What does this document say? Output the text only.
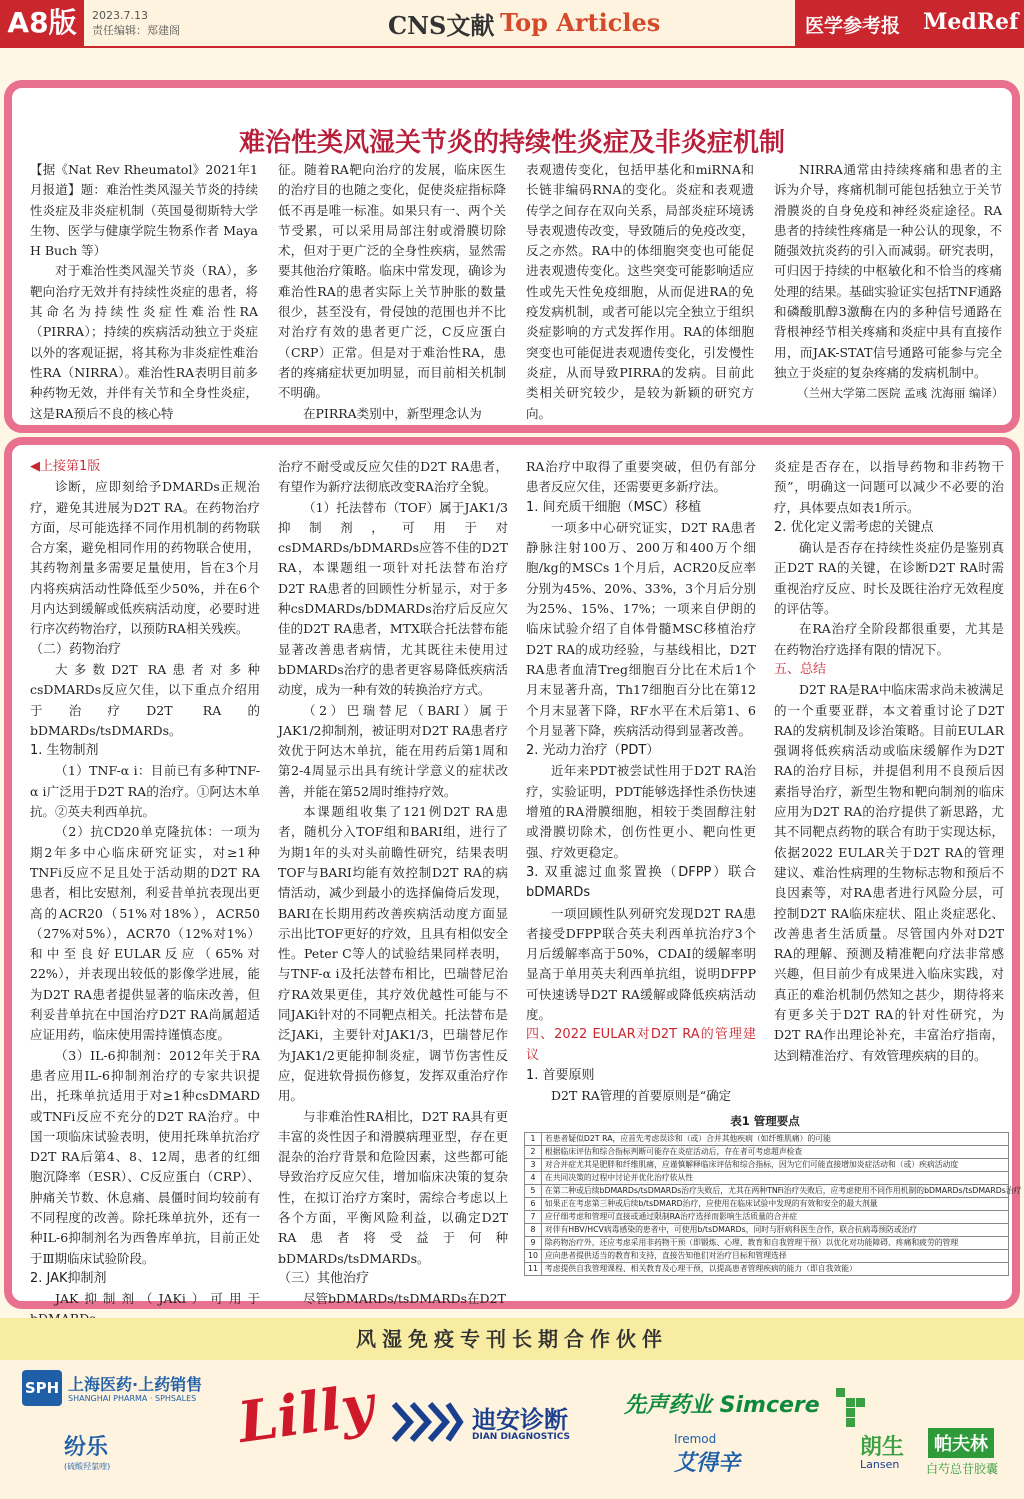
A8版	2023.7.13
责任编辑：郑建阁	CNS文献 Top Articles	医学参考报 MedRef
难治性类风湿关节炎的持续性炎症及非炎症机制

【据《Nat Rev Rheumatol》2021年1月报道】题：难治性类风湿关节炎的持续性炎症及非炎症机制（英国曼彻斯特大学生物、医学与健康学院生物系作者 Maya H Buch 等）

对于难治性类风湿关节炎（RA），多靶向治疗无效并有持续性炎症的患者，将其命名为持续性炎症性难治性RA（PIRRA）；持续的疾病活动独立于炎症以外的客观证据，将其称为非炎症性难治性RA（NIRRA）。难治性RA表明目前多种药物无效，并伴有关节和全身性炎症，这是RA预后不良的核心特

征。随着RA靶向治疗的发展，临床医生的治疗目的也随之变化，促使炎症指标降低不再是唯一标准。如果只有一、两个关节受累，可以采用局部注射或滑膜切除术，但对于更广泛的全身性疾病，显然需要其他治疗策略。临床中常发现，确诊为难治性RA的患者实际上关节肿胀的数量很少，甚至没有，骨侵蚀的范围也并不比对治疗有效的患者更广泛，C反应蛋白（CRP）正常。但是对于难治性RA，患者的疼痛症状更加明显，而目前相关机制不明确。

在PIRRA类别中，新型理念认为

表观遗传变化，包括甲基化和miRNA和长链非编码RNA的变化。炎症和表观遗传学之间存在双向关系，局部炎症环境诱导表观遗传改变，导致随后的免疫改变，反之亦然。RA中的体细胞突变也可能促进表观遗传变化。这些突变可能影响适应性或先天性免疫细胞，从而促进RA的免疫发病机制，或者可能以完全独立于组织炎症影响的方式发挥作用。RA的体细胞突变也可能促进表观遗传变化，引发慢性炎症，从而导致PIRRA的发病。目前此类相关研究较少，是较为新颖的研究方向。

NIRRA通常由持续疼痛和患者的主诉为介导，疼痛机制可能包括独立于关节滑膜炎的自身免疫和神经炎症途径。RA患者的持续性疼痛是一种公认的现象，不随强效抗炎药的引入而减弱。研究表明，可归因于持续的中枢敏化和不恰当的疼痛处理的结果。基础实验证实包括TNF通路和磷酸肌醇3激酶在内的多种信号通路在背根神经节相关疼痛和炎症中具有直接作用，而JAK-STAT信号通路可能参与完全独立于炎症的复杂疼痛的发病机制中。

（兰州大学第二医院 孟彧 沈海丽 编译）

◀上接第1版

诊断，应即刻给予DMARDs正规治疗，避免其进展为D2T RA。在药物治疗方面，尽可能选择不同作用机制的药物联合方案，避免相同作用的药物联合使用，其药物剂量多需要足量使用，旨在3个月内将疾病活动性降低至少50%，并在6个月内达到缓解或低疾病活动度，必要时进行序次药物治疗，以预防RA相关残疾。

（二）药物治疗

大多数D2T RA患者对多种csDMARDs反应欠佳，以下重点介绍用于治疗D2T RA的bDMARDs/tsDMARDs。

1. 生物制剂

（1）TNF-α i：目前已有多种TNF-α i广泛用于D2T RA的治疗。①阿达木单抗。②英夫利西单抗。

（2）抗CD20单克隆抗体：一项为期2年多中心临床研究证实，对≥1种TNFi反应不足且处于活动期的D2T RA患者，相比安慰剂，利妥昔单抗表现出更高的ACR20（51%对18%），ACR50（27%对5%），ACR70（12%对1%）和中至良好EULAR反应（65%对22%），并表现出较低的影像学进展，能为D2T RA患者提供显著的临床改善，但利妥昔单抗在中国治疗D2T RA尚属超适应证用药，临床使用需持谨慎态度。

（3）IL-6抑制剂：2012年关于RA患者应用IL-6抑制剂治疗的专家共识提出，托珠单抗适用于对≥1种csDMARD或TNFi反应不充分的D2T RA治疗。中国一项临床试验表明，使用托珠单抗治疗D2T RA后第4、8、12周，患者的红细胞沉降率（ESR）、C反应蛋白（CRP）、肿痛关节数、休息痛、晨僵时间均较前有不同程度的改善。除托珠单抗外，还有一种IL-6抑制剂名为西鲁库单抗，目前正处于Ⅲ期临床试验阶段。

2. JAK抑制剂

JAK抑制剂（JAKi）可用于

治疗不耐受或反应欠佳的D2T RA患者，有望作为新疗法彻底改变RA治疗全貌。

（1）托法替布（TOF）属于JAK1/3抑制剂，可用于对csDMARDs/bDMARDs应答不佳的D2T RA，本课题组一项针对托法替布治疗D2T RA患者的回顾性分析显示，对于多种csDMARDs/bDMARDs治疗后反应欠佳的D2T RA患者，MTX联合托法替布能显著改善患者病情，尤其既往未使用过bDMARDs治疗的患者更容易降低疾病活动度，成为一种有效的转换治疗方式。

（2）巴瑞替尼（BARI）属于JAK1/2抑制剂，被证明对D2T RA患者疗效优于阿达木单抗，能在用药后第1周和第2-4周显示出具有统计学意义的症状改善，并能在第52周时维持疗效。

本课题组收集了121例D2T RA患者，随机分入TOF组和BARI组，进行了为期1年的头对头前瞻性研究，结果表明TOF与BARI均能有效控制D2T RA的病情活动，减少到最小的选择偏倚后发现，BARI在长期用药改善疾病活动度方面显示出比TOF更好的疗效，且具有相似安全性。Peter C等人的试验结果同样表明，与TNF-α i及托法替布相比，巴瑞替尼治疗RA效果更佳，其疗效优越性可能与不同JAKi针对的不同靶点相关。托法替布是泛JAKi，主要针对JAK1/3，巴瑞替尼作为JAK1/2更能抑制炎症，调节伤害性反应，促进软骨损伤修复，发挥双重治疗作用。

与非难治性RA相比，D2T RA具有更丰富的炎性因子和滑膜病理亚型，存在更混杂的治疗背景和危险因素，这些都可能导致治疗反应欠佳，增加临床决策的复杂性，在拟订治疗方案时，需综合考虑以上各个方面，平衡风险利益，以确定D2T RA患者将受益于何种bDMARDs/tsDMARDs。

（三）其他治疗

尽管bDMARDs/tsDMARDs在D2T

RA治疗中取得了重要突破，但仍有部分患者反应欠佳，还需要更多新疗法。

1. 间充质干细胞（MSC）移植

一项多中心研究证实，D2T RA患者静脉注射100万、200万和400万个细胞/kg的MSCs 1个月后，ACR20反应率分别为45%、20%、33%，3个月后分别为25%、15%、17%；一项来自伊朗的临床试验介绍了自体骨髓MSC移植治疗D2T RA的成功经验，与基线相比，D2T RA患者血清Treg细胞百分比在术后1个月末显著升高，Th17细胞百分比在第12个月末显著下降，RF水平在术后第1、6个月显著下降，疾病活动得到显著改善。

2. 光动力治疗（PDT）

近年来PDT被尝试性用于D2T RA治疗，实验证明，PDT能够选择性杀伤快速增殖的RA滑膜细胞，相较于类固醇注射或滑膜切除术，创伤性更小、靶向性更强、疗效更稳定。

3. 双重滤过血浆置换（DFPP）联合bDMARDs

一项回顾性队列研究发现D2T RA患者接受DFPP联合英夫利西单抗治疗3个月后缓解率高于50%，CDAI的缓解率明显高于单用英夫利西单抗组，说明DFPP可快速诱导D2T RA缓解或降低疾病活动度。

四、2022 EULAR对D2T RA的管理建议

1. 首要原则

D2T RA管理的首要原则是“确定

炎症是否存在，以指导药物和非药物干预”，明确这一问题可以减少不必要的治疗，具体要点如表1所示。

2. 优化定义需考虑的关键点

确认是否存在持续性炎症仍是鉴别真正D2T RA的关键，在诊断D2T RA时需重视治疗反应、时长及既往治疗无效程度的评估等。

在RA治疗全阶段都很重要，尤其是在药物治疗选择有限的情况下。

五、总结

D2T RA是RA中临床需求尚未被满足的一个重要亚群，本文着重讨论了D2T RA的发病机制及诊治策略。目前EULAR强调将低疾病活动或临床缓解作为D2T RA的治疗目标，并提倡利用不良预后因素指导治疗，新型生物和靶向制剂的临床应用为D2T RA的治疗提供了新思路，尤其不同靶点药物的联合有助于实现达标，依据2022 EULAR关于D2T RA的管理建议、难治性病理的生物标志物和预后不良因素等，对RA患者进行风险分层，可控制D2T RA临床症状、阻止炎症恶化、改善患者生活质量。尽管国内外对D2T RA的理解、预测及精准靶向疗法非常感兴趣，但目前少有成果进入临床实践，对真正的难治机制仍然知之甚少，期待将来有更多关于D2T RA的针对性研究，为D2T RA作出理论补充，丰富治疗指南，达到精准治疗、有效管理疾病的目的。

表1 管理要点
1	若患者疑似D2T RA，应首先考虑误诊和（或）合并其他疾病（如纤维肌痛）的可能
2	根据临床评估和综合指标判断可能存在炎症活动后，存在者可考虑超声检查
3	对合并症尤其是肥胖和纤维肌痛，应谨慎解释临床评估和综合指标，因为它们可能直接增加炎症活动和（或）疾病活动度
4	在共同决策的过程中讨论并优化治疗依从性
5	在第二种或后续bDMARDs/tsDMARDs治疗失败后，尤其在两种TNFi治疗失败后，应考虑使用不同作用机制的bDMARDs/tsDMARDs治疗
6	如果正在考虑第三种或后续b/tsDMARD治疗，应使用在临床试验中发现的有效和安全的最大剂量
7	应仔细考虑和管理可直接或通过限制RA治疗选择而影响生活质量的合并症
8	对伴有HBV/HCV病毒感染的患者中，可使用b/tsDMARDs，同时与肝病科医生合作，联合抗病毒预防或治疗
9	除药物治疗外，还应考虑采用非药物干预（即锻炼、心理、教育和自我管理干预）以优化对功能障碍、疼痛和疲劳的管理
10	应向患者提供适当的教育和支持，直接告知他们对治疗目标和管理选择
11	考虑提供自我管理课程、相关教育及心理干预，以提高患者管理疾病的能力（即自我效能）
风湿免疫专刊长期合作伙伴
SPH 上海医药·上药销售
SHANGHAI PHARMA · SPHSALES
纷乐
(硫酸羟氯喹)
Lilly	迪安诊断
DIAN DIAGNOSTICS
先声药业 Simcere
Iremod
艾得辛
朗生
Lansen
帕夫林
白芍总苷胶囊
